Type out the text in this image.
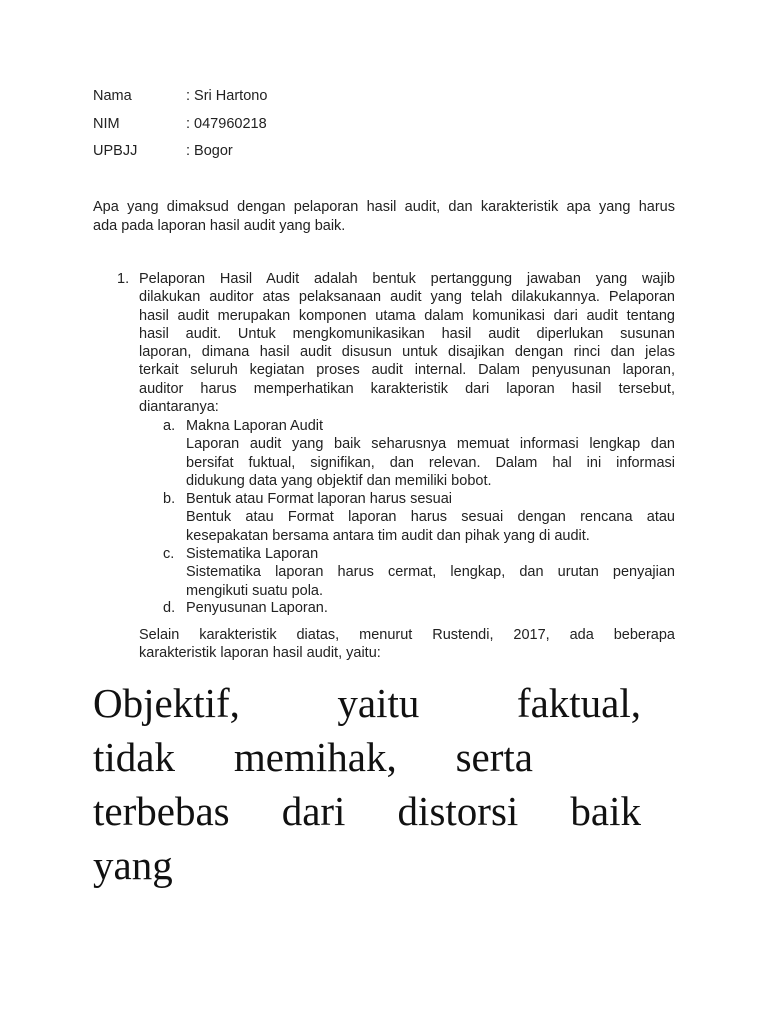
Nama	: Sri Hartono
NIM	: 047960218
UPBJJ	: Bogor
Apa yang dimaksud dengan pelaporan hasil audit, dan karakteristik apa yang harus
ada pada laporan hasil audit yang baik.
1. Pelaporan Hasil Audit adalah bentuk pertanggung jawaban yang wajib
dilakukan auditor atas pelaksanaan audit yang telah dilakukannya. Pelaporan
hasil audit merupakan komponen utama dalam komunikasi dari audit tentang
hasil audit. Untuk mengkomunikasikan hasil audit diperlukan susunan
laporan, dimana hasil audit disusun untuk disajikan dengan rinci dan jelas
terkait seluruh kegiatan proses audit internal. Dalam penyusunan laporan,
auditor harus memperhatikan karakteristik dari laporan hasil tersebut,
diantaranya:
a. Makna Laporan Audit
Laporan audit yang baik seharusnya memuat informasi lengkap dan
bersifat fuktual, signifikan, dan relevan. Dalam hal ini informasi
didukung data yang objektif dan memiliki bobot.
b. Bentuk atau Format laporan harus sesuai
Bentuk atau Format laporan harus sesuai dengan rencana atau
kesepakatan bersama antara tim audit dan pihak yang di audit.
c. Sistematika Laporan
Sistematika laporan harus cermat, lengkap, dan urutan penyajian
mengikuti suatu pola.
d. Penyusunan Laporan.
Selain karakteristik diatas, menurut Rustendi, 2017, ada beberapa
karakteristik laporan hasil audit, yaitu:
Objektif, yaitu faktual,
tidak memihak, serta
terbebas dari distorsi baik
yang
